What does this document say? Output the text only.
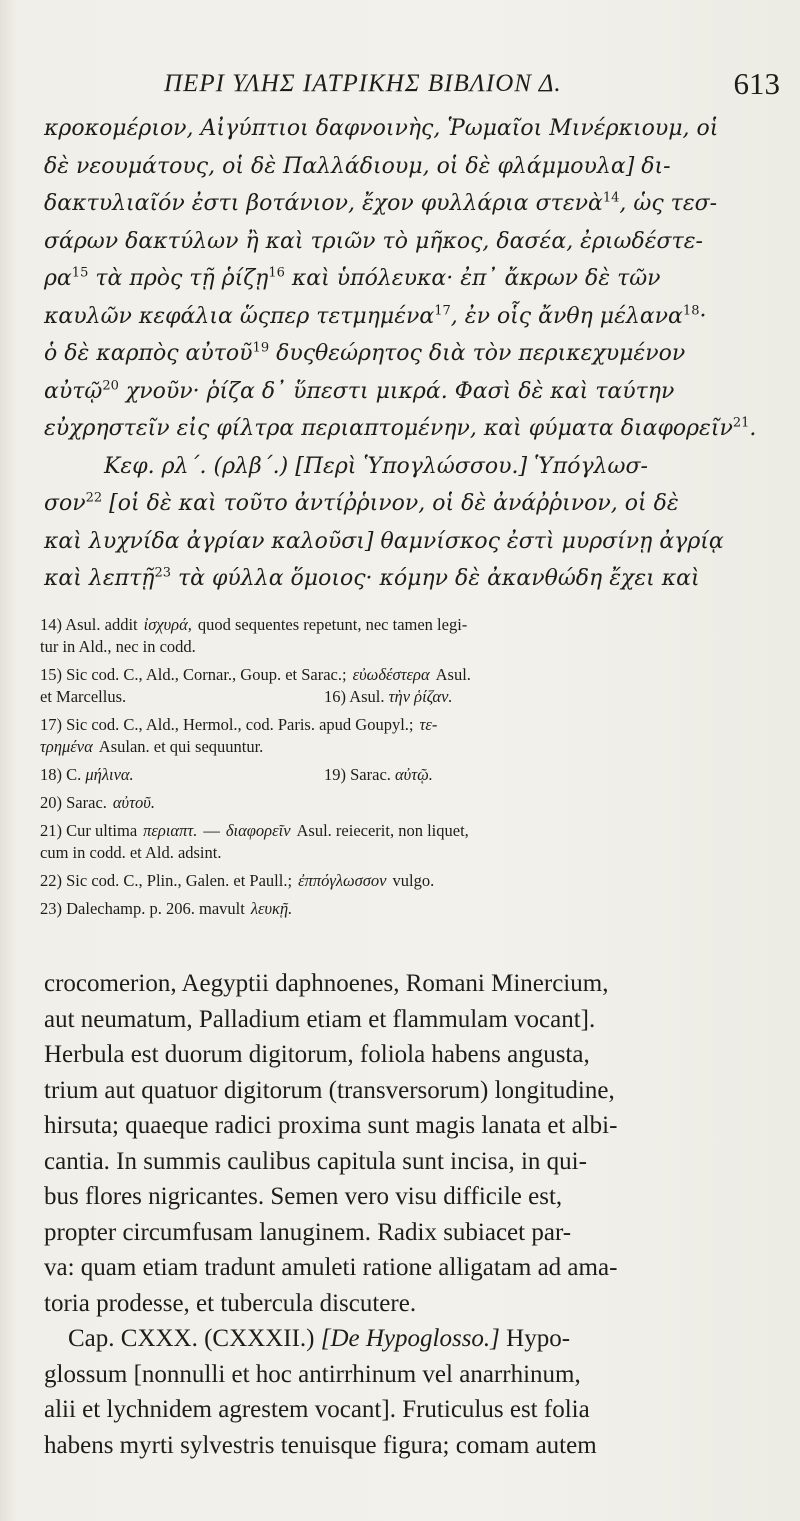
ΠΕΡΙ ΥΛΗΣ ΙΑΤΡΙΚΗΣ ΒΙΒΛΙΟΝ Δ.	613
κροκομέριον, Αἰγύπτιοι δαφνοινὴς, Ῥωμαῖοι Μινέρκιουμ, οἱ
δὲ νεουμάτους, οἱ δὲ Παλλάδιουμ, οἱ δὲ φλάμμουλα] δι-
δακτυλιαῖόν ἐστι βοτάνιον, ἔχον φυλλάρια στενὰ$^{14}$, ὡς τεσ-
σάρων δακτύλων ἢ καὶ τριῶν τὸ μῆκος, δασέα, ἐριωδέστε-
$\rho\alpha^{15}$ τὰ πρὸς τῇ ῥίζῃ$^{16}$ καὶ ὑπόλευκα· ἐπ᾽ ἄκρων δὲ τῶν
καυλῶν κεφάλια ὥςπερ τετμημένα$^{17}$, ἐν οἷς ἄνθη μέλανα$^{18}$·
ὁ δὲ καρπὸς αὐτοῦ$^{19}$ δυςθεώρητος διὰ τὸν περικεχυμένον
αὐτῷ$^{20}$ χνοῦν· ῥίζα δ᾽ ὕπεστι μικρά. Φασὶ δὲ καὶ ταύτην
εὐχρηστεῖν εἰς φίλτρα περιαπτομένην, καὶ φύματα διαφορεῖν$^{21}$.
Κεφ. ρλ΄. (ρλβ΄.) [Περὶ Ὑπογλώσσου.] Ὑπόγλωσ-
σον$^{22}$ [οἱ δὲ καὶ τοῦτο ἀντίῤῥινον, οἱ δὲ ἀνάῤῥινον, οἱ δὲ
καὶ λυχνίδα ἀγρίαν καλοῦσι] θαμνίσκος ἐστὶ μυρσίνῃ ἀγρίᾳ
καὶ λεπτῇ$^{23}$ τὰ φύλλα ὅμοιος· κόμην δὲ ἀκανθώδη ἔχει καὶ
14) Asul. addit ἰσχυρά, quod sequentes repetunt, nec tamen legi-
tur in Ald., nec in codd.
15) Sic cod. C., Ald., Cornar., Goup. et Sarac.; εὐωδέστερα Asul.
et Marcellus.	16) Asul. τὴν ῥίζαν.
17) Sic cod. C., Ald., Hermol., cod. Paris. apud Goupyl.; τε-
τρημένα Asulan. et qui sequuntur.
18) C. μήλινα.	19) Sarac. αὐτῷ.
20) Sarac. αὐτοῦ.
21) Cur ultima περιαπτ. — διαφορεῖν Asul. reiecerit, non liquet,
cum in codd. et Ald. adsint.
22) Sic cod. C., Plin., Galen. et Paull.; ἐππόγλωσσον vulgo.
23) Dalechamp. p. 206. mavult λευκῇ.
crocomerion, Aegyptii daphnoenes, Romani Minercium,
aut neumatum, Palladium etiam et flammulam vocant].
Herbula est duorum digitorum, foliola habens angusta,
trium aut quatuor digitorum (transversorum) longitudine,
hirsuta; quaeque radici proxima sunt magis lanata et albi-
cantia. In summis caulibus capitula sunt incisa, in qui-
bus flores nigricantes. Semen vero visu difficile est,
propter circumfusam lanuginem. Radix subiacet par-
va: quam etiam tradunt amuleti ratione alligatam ad ama-
toria prodesse, et tubercula discutere.
Cap. CXXX. (CXXXII.) [De Hypoglosso.] Hypo-
glossum [nonnulli et hoc antirrhinum vel anarrhinum,
alii et lychnidem agrestem vocant]. Fruticulus est folia
habens myrti sylvestris tenuisque figura; comam autem
